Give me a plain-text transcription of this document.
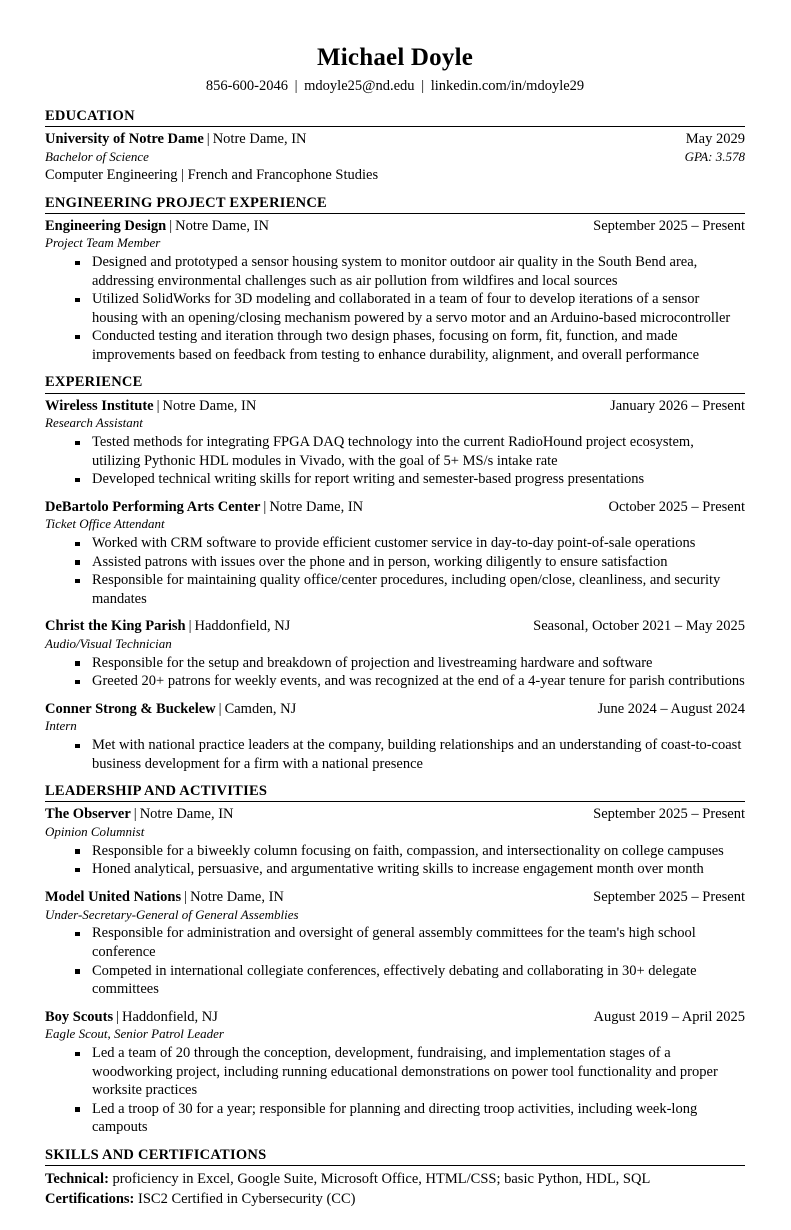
Michael Doyle
856-600-2046 | mdoyle25@nd.edu | linkedin.com/in/mdoyle29
EDUCATION
University of Notre Dame | Notre Dame, IN	May 2029
Bachelor of Science	GPA: 3.578
Computer Engineering | French and Francophone Studies
ENGINEERING PROJECT EXPERIENCE
Engineering Design | Notre Dame, IN	September 2025 – Present
Project Team Member
Designed and prototyped a sensor housing system to monitor outdoor air quality in the South Bend area, addressing environmental challenges such as air pollution from wildfires and local sources
Utilized SolidWorks for 3D modeling and collaborated in a team of four to develop iterations of a sensor housing with an opening/closing mechanism powered by a servo motor and an Arduino-based microcontroller
Conducted testing and iteration through two design phases, focusing on form, fit, function, and made improvements based on feedback from testing to enhance durability, alignment, and overall performance
EXPERIENCE
Wireless Institute | Notre Dame, IN	January 2026 – Present
Research Assistant
Tested methods for integrating FPGA DAQ technology into the current RadioHound project ecosystem, utilizing Pythonic HDL modules in Vivado, with the goal of 5+ MS/s intake rate
Developed technical writing skills for report writing and semester-based progress presentations
DeBartolo Performing Arts Center | Notre Dame, IN	October 2025 – Present
Ticket Office Attendant
Worked with CRM software to provide efficient customer service in day-to-day point-of-sale operations
Assisted patrons with issues over the phone and in person, working diligently to ensure satisfaction
Responsible for maintaining quality office/center procedures, including open/close, cleanliness, and security mandates
Christ the King Parish | Haddonfield, NJ	Seasonal, October 2021 – May 2025
Audio/Visual Technician
Responsible for the setup and breakdown of projection and livestreaming hardware and software
Greeted 20+ patrons for weekly events, and was recognized at the end of a 4-year tenure for parish contributions
Conner Strong & Buckelew | Camden, NJ	June 2024 – August 2024
Intern
Met with national practice leaders at the company, building relationships and an understanding of coast-to-coast business development for a firm with a national presence
LEADERSHIP AND ACTIVITIES
The Observer | Notre Dame, IN	September 2025 – Present
Opinion Columnist
Responsible for a biweekly column focusing on faith, compassion, and intersectionality on college campuses
Honed analytical, persuasive, and argumentative writing skills to increase engagement month over month
Model United Nations | Notre Dame, IN	September 2025 – Present
Under-Secretary-General of General Assemblies
Responsible for administration and oversight of general assembly committees for the team's high school conference
Competed in international collegiate conferences, effectively debating and collaborating in 30+ delegate committees
Boy Scouts | Haddonfield, NJ	August 2019 – April 2025
Eagle Scout, Senior Patrol Leader
Led a team of 20 through the conception, development, fundraising, and implementation stages of a woodworking project, including running educational demonstrations on power tool functionality and proper worksite practices
Led a troop of 30 for a year; responsible for planning and directing troop activities, including week-long campouts
SKILLS AND CERTIFICATIONS
Technical: proficiency in Excel, Google Suite, Microsoft Office, HTML/CSS; basic Python, HDL, SQL
Certifications: ISC2 Certified in Cybersecurity (CC)
